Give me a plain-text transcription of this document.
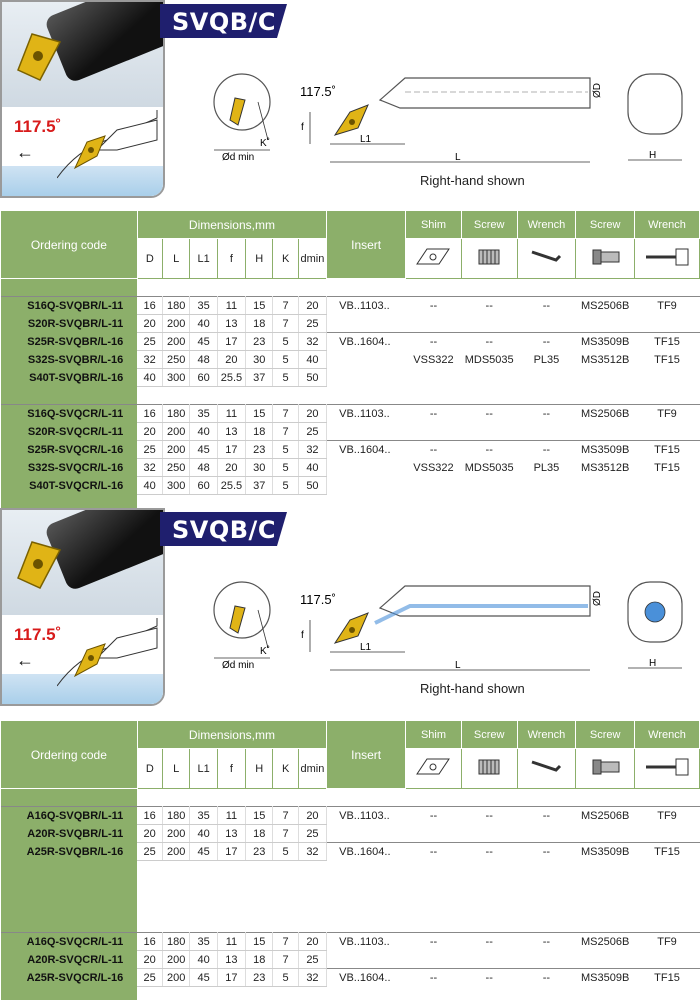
117.5˚
←
SVQB/C
K˚
Ød min
f
117.5˚
L1
L
ØD
H
Right-hand shown
Ordering code	Dimensions,mm							Insert	Shim	Screw	Wrench	Screw	Wrench
	D	L	L1	f	H	K	dmin					

S16Q-SVQBR/L-11	16	180	35	11	15	7	20	VB..1103..	--	--	--	MS2506B	TF9
S20R-SVQBR/L-11	20	200	40	13	18	7	25						
S25R-SVQBR/L-16	25	200	45	17	23	5	32	VB..1604..	--	--	--	MS3509B	TF15
S32S-SVQBR/L-16	32	250	48	20	30	5	40		VSS322	MDS5035	PL35	MS3512B	TF15
S40T-SVQBR/L-16	40	300	60	25.5	37	5	50						

S16Q-SVQCR/L-11	16	180	35	11	15	7	20	VB..1103..	--	--	--	MS2506B	TF9
S20R-SVQCR/L-11	20	200	40	13	18	7	25						
S25R-SVQCR/L-16	25	200	45	17	23	5	32	VB..1604..	--	--	--	MS3509B	TF15
S32S-SVQCR/L-16	32	250	48	20	30	5	40		VSS322	MDS5035	PL35	MS3512B	TF15
S40T-SVQCR/L-16	40	300	60	25.5	37	5	50						

117.5˚
←
SVQB/C
K˚
Ød min
f
117.5˚
L1
L
ØD
H
Right-hand shown
Ordering code	Dimensions,mm							Insert	Shim	Screw	Wrench	Screw	Wrench
	D	L	L1	f	H	K	dmin					

A16Q-SVQBR/L-11	16	180	35	11	15	7	20	VB..1103..	--	--	--	MS2506B	TF9
A20R-SVQBR/L-11	20	200	40	13	18	7	25						
A25R-SVQBR/L-16	25	200	45	17	23	5	32	VB..1604..	--	--	--	MS3509B	TF15

A16Q-SVQCR/L-11	16	180	35	11	15	7	20	VB..1103..	--	--	--	MS2506B	TF9
A20R-SVQCR/L-11	20	200	40	13	18	7	25						
A25R-SVQCR/L-16	25	200	45	17	23	5	32	VB..1604..	--	--	--	MS3509B	TF15
